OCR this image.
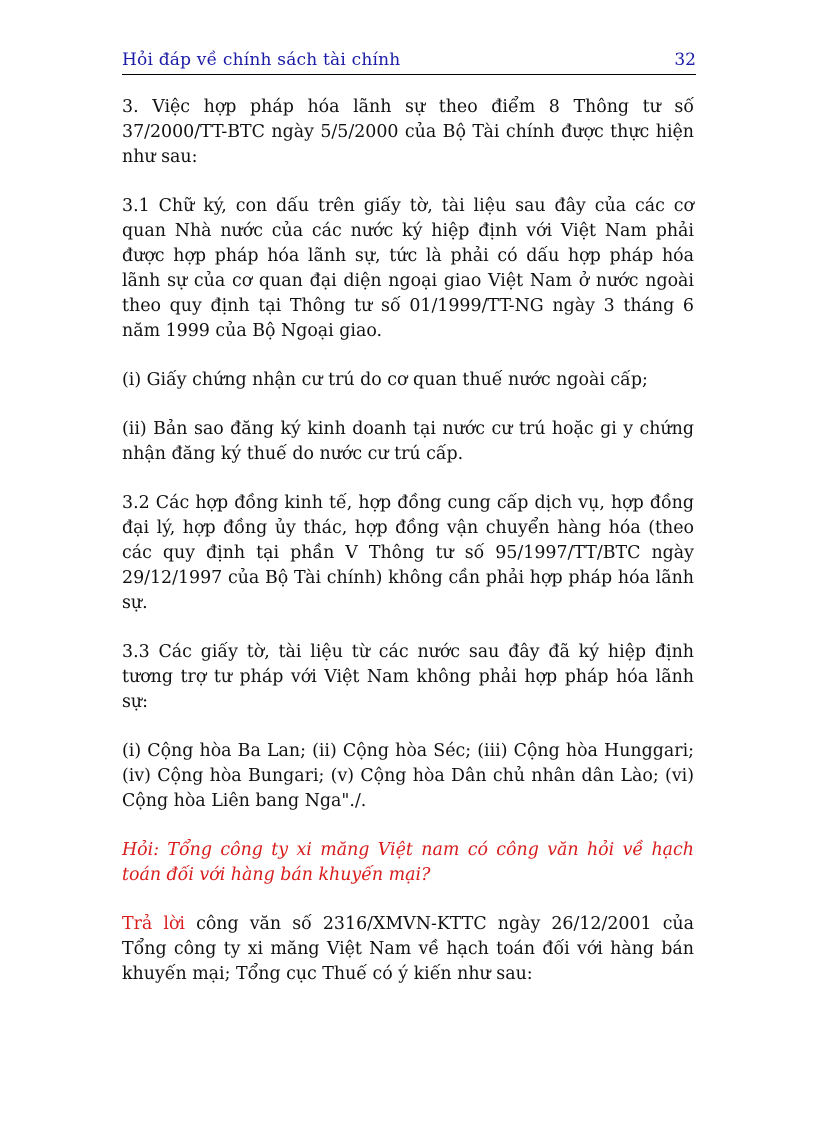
Hỏi đáp về chính sách tài chính	32

3. Việc hợp pháp hóa lãnh sự theo điểm 8 Thông tư số 37/2000/TT-BTC ngày 5/5/2000 của Bộ Tài chính được thực hiện như sau:

3.1 Chữ ký, con dấu trên giấy tờ, tài liệu sau đây của các cơ quan Nhà nước của các nước ký hiệp định với Việt Nam phải được hợp pháp hóa lãnh sự, tức là phải có dấu hợp pháp hóa lãnh sự của cơ quan đại diện ngoại giao Việt Nam ở nước ngoài theo quy định tại Thông tư số 01/1999/TT-NG ngày 3 tháng 6 năm 1999 của Bộ Ngoại giao.

(i) Giấy chứng nhận cư trú do cơ quan thuế nước ngoài cấp;

(ii) Bản sao đăng ký kinh doanh tại nước cư trú hoặc gi y chứng nhận đăng ký thuế do nước cư trú cấp.

3.2 Các hợp đồng kinh tế, hợp đồng cung cấp dịch vụ, hợp đồng đại lý, hợp đồng ủy thác, hợp đồng vận chuyển hàng hóa (theo các quy định tại phần V Thông tư số 95/1997/TT/BTC ngày 29/12/1997 của Bộ Tài chính) không cần phải hợp pháp hóa lãnh sự.

3.3 Các giấy tờ, tài liệu từ các nước sau đây đã ký hiệp định tương trợ tư pháp với Việt Nam không phải hợp pháp hóa lãnh sự:

(i) Cộng hòa Ba Lan; (ii) Cộng hòa Séc; (iii) Cộng hòa Hunggari; (iv) Cộng hòa Bungari; (v) Cộng hòa Dân chủ nhân dân Lào; (vi) Cộng hòa Liên bang Nga"./.

Hỏi: Tổng công ty xi măng Việt nam có công văn hỏi về hạch toán đối với hàng bán khuyến mại?

Trả lời công văn số 2316/XMVN-KTTC ngày 26/12/2001 của Tổng công ty xi măng Việt Nam về hạch toán đối với hàng bán khuyến mại; Tổng cục Thuế có ý kiến như sau:
